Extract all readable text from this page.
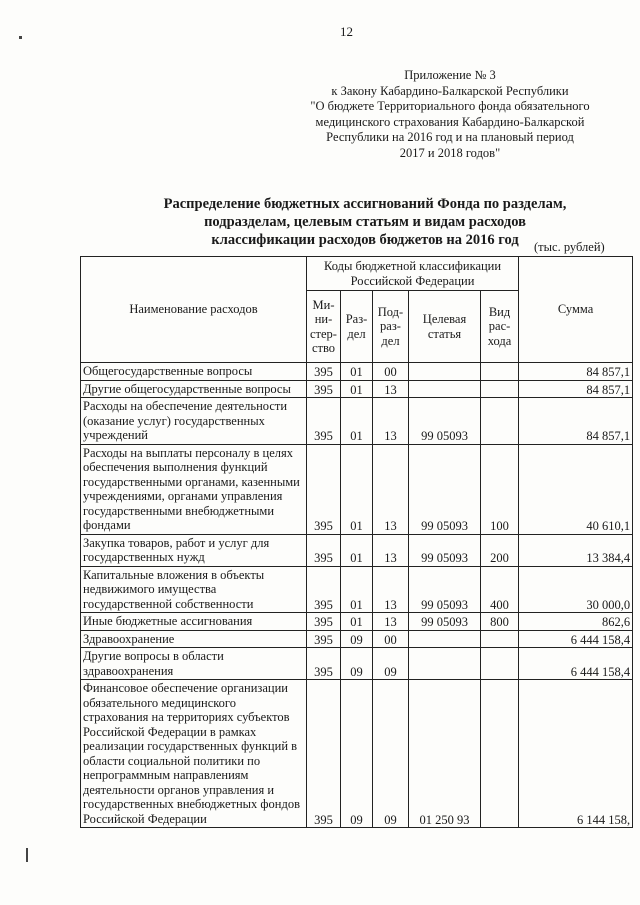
12
Приложение № 3
к Закону Кабардино-Балкарской Республики
"О бюджете Территориального фонда обязательного
медицинского страхования Кабардино-Балкарской
Республики на 2016 год и на плановый период
2017 и 2018 годов"
Распределение бюджетных ассигнований Фонда по разделам,
подразделам, целевым статьям и видам расходов
классификации расходов бюджетов на 2016 год	(тыс. рублей)
Наименование расходов	Коды бюджетной классификации Российской Федерации					Сумма
	Ми-ни-стер-ство	Раз-дел	Под-раз-дел	Целевая статья	Вид рас-хода	
Общегосударственные вопросы	395	01	00			84 857,1
Другие общегосударственные вопросы	395	01	13			84 857,1
Расходы на обеспечение деятельности (оказание услуг) государственных учреждений	395	01	13	99 05093		84 857,1
Расходы на выплаты персоналу в целях обеспечения выполнения функций государственными органами, казенными учреждениями, органами управления государственными внебюджетными фондами	395	01	13	99 05093	100	40 610,1
Закупка товаров, работ и услуг для государственных нужд	395	01	13	99 05093	200	13 384,4
Капитальные вложения в объекты недвижимого имущества государственной собственности	395	01	13	99 05093	400	30 000,0
Иные бюджетные ассигнования	395	01	13	99 05093	800	862,6
Здравоохранение	395	09	00			6 444 158,4
Другие вопросы в области здравоохранения	395	09	09			6 444 158,4
Финансовое обеспечение организации обязательного медицинского страхования на территориях субъектов Российской Федерации в рамках реализации государственных функций в области социальной политики по непрограммным направлениям деятельности органов управления и государственных внебюджетных фондов Российской Федерации	395	09	09	01 250 93		6 144 158,
